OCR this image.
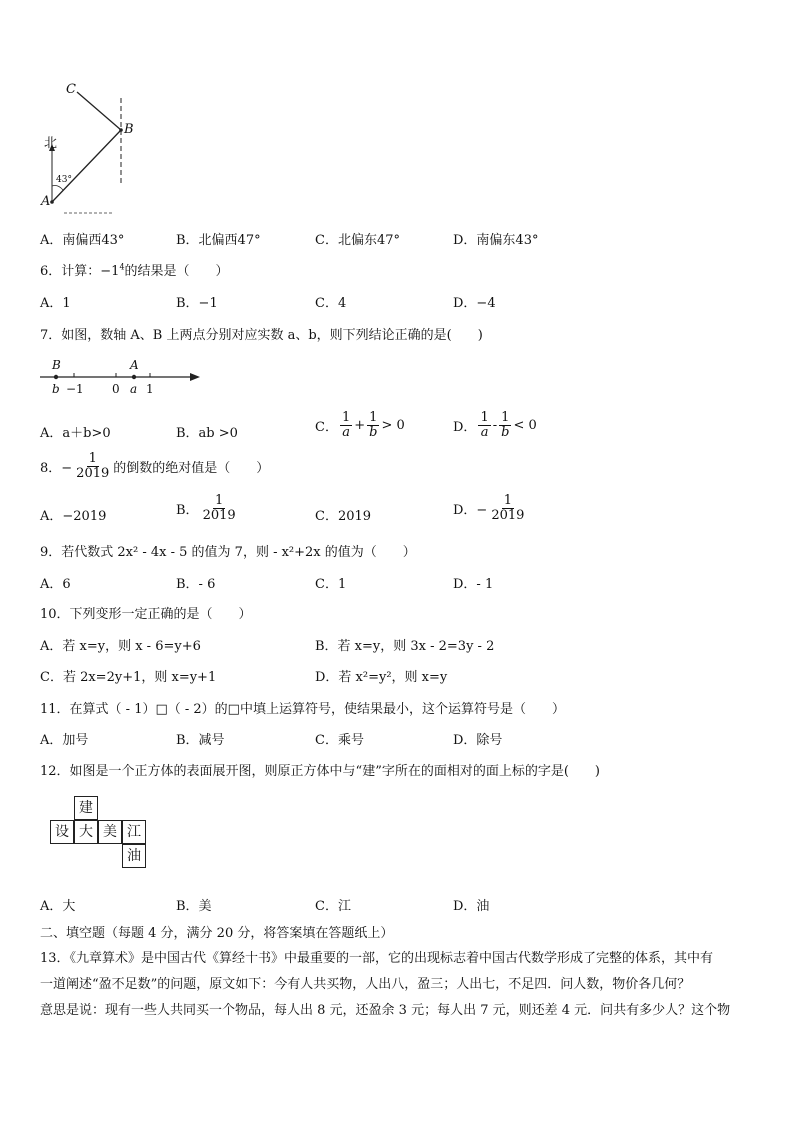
C
B
A
北
43°
A．南偏西43°	B．北偏西47°	C．北偏东47°	D．南偏东43°
6．计算：$-1^4$的结果是（　　）
A．1	B．−1	C．4	D．−4
7．如图，数轴 A、B 上两点分别对应实数 a、b，则下列结论正确的是(　　)
B	A
b −1 0 a 1
A．a＋b>0	B．ab >0	C． $\frac{1}{a} + \frac{1}{b} > 0$	D． $\frac{1}{a} - \frac{1}{b} < 0$
8．− $\frac{1}{2019}$ 的倒数的绝对值是（　　）
A．−2019	B． $\frac{1}{2019}$	C．2019	D．− $\frac{1}{2019}$
9．若代数式 2x² - 4x - 5 的值为 7，则 - x²+2x 的值为（　　）
A．6	B．- 6	C．1	D．- 1
10．下列变形一定正确的是（　　）
A．若 x=y，则 x - 6=y+6	B．若 x=y，则 3x - 2=3y - 2
C．若 2x=2y+1，则 x=y+1	D．若 x²=y²，则 x=y
11．在算式（ - 1）□（ - 2）的□中填上运算符号，使结果最小，这个运算符号是（　　）
A．加号	B．减号	C．乘号	D．除号
12．如图是一个正方体的表面展开图，则原正方体中与“建”字所在的面相对的面上标的字是(　　)
建
设 大 美 江
油
A．大	B．美	C．江	D．油
二、填空题（每题 4 分，满分 20 分，将答案填在答题纸上）
13．《九章算术》是中国古代《算经十书》中最重要的一部，它的出现标志着中国古代数学形成了完整的体系，其中有
一道阐述“盈不足数”的问题，原文如下：今有人共买物，人出八，盈三；人出七，不足四．问人数，物价各几何？
意思是说：现有一些人共同买一个物品，每人出 8 元，还盈余 3 元；每人出 7 元，则还差 4 元．问共有多少人？这个物
